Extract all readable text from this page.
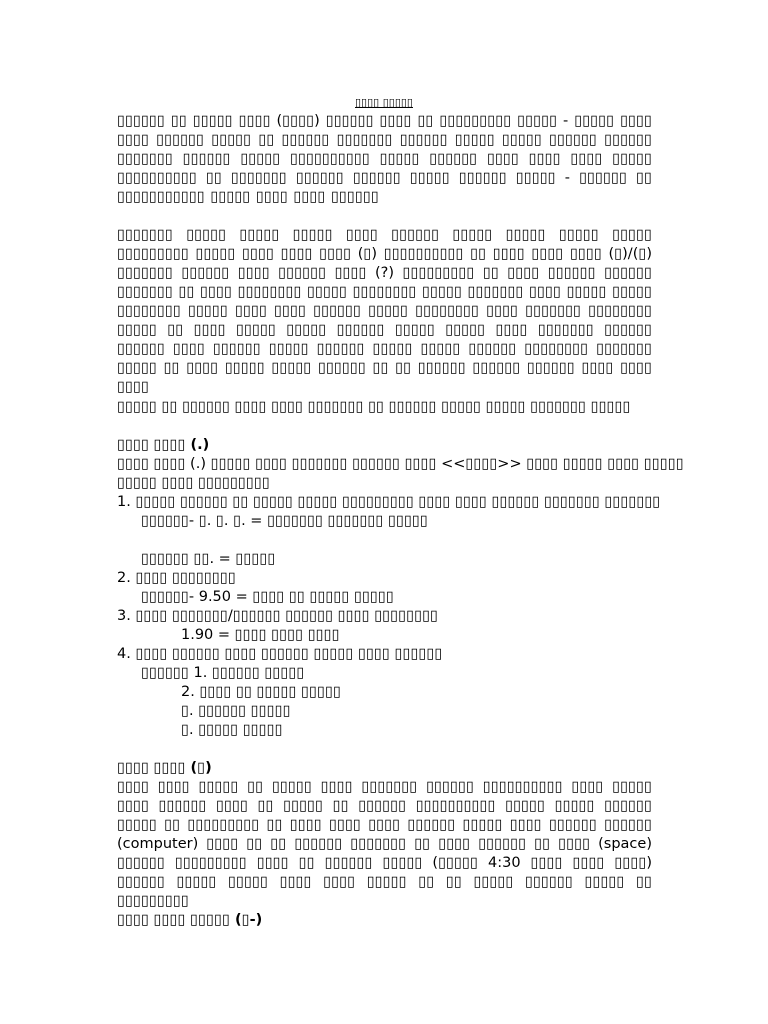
▯▯▯▯ ▯▯▯▯▯

▯▯▯▯▯▯ ▯▯ ▯▯▯▯▯ ▯▯▯▯ (▯▯▯▯) ▯▯▯▯▯▯ ▯▯▯▯ ▯▯ ▯▯▯▯▯▯▯▯▯ ▯▯▯▯▯ - ▯▯▯▯▯ ▯▯▯▯ ▯▯▯▯ ▯▯▯▯▯▯ ▯▯▯▯▯ ▯▯ ▯▯▯▯▯▯ ▯▯▯▯▯▯▯ ▯▯▯▯▯▯ ▯▯▯▯▯ ▯▯▯▯▯ ▯▯▯▯▯▯ ▯▯▯▯▯▯ ▯▯▯▯▯▯▯ ▯▯▯▯▯▯ ▯▯▯▯▯ ▯▯▯▯▯▯▯▯▯▯ ▯▯▯▯▯ ▯▯▯▯▯▯ ▯▯▯▯ ▯▯▯▯ ▯▯▯▯ ▯▯▯▯▯ ▯▯▯▯▯▯▯▯▯▯ ▯▯ ▯▯▯▯▯▯▯ ▯▯▯▯▯▯ ▯▯▯▯▯▯ ▯▯▯▯▯ ▯▯▯▯▯▯ ▯▯▯▯▯ - ▯▯▯▯▯▯ ▯▯ ▯▯▯▯▯▯▯▯▯▯▯ ▯▯▯▯▯ ▯▯▯▯ ▯▯▯▯ ▯▯▯▯▯▯

▯▯▯▯▯▯▯ ▯▯▯▯▯ ▯▯▯▯▯ ▯▯▯▯▯ ▯▯▯▯ ▯▯▯▯▯▯ ▯▯▯▯▯ ▯▯▯▯▯ ▯▯▯▯▯ ▯▯▯▯▯ ▯▯▯▯▯▯▯▯▯ ▯▯▯▯▯ ▯▯▯▯ ▯▯▯▯ ▯▯▯▯ (▯) ▯▯▯▯▯▯▯▯▯▯ ▯▯ ▯▯▯▯ ▯▯▯▯ ▯▯▯▯ (▯)/(▯) ▯▯▯▯▯▯▯ ▯▯▯▯▯▯ ▯▯▯▯ ▯▯▯▯▯▯ ▯▯▯▯ (?) ▯▯▯▯▯▯▯▯▯ ▯▯ ▯▯▯▯ ▯▯▯▯▯▯ ▯▯▯▯▯▯ ▯▯▯▯▯▯▯ ▯▯ ▯▯▯▯ ▯▯▯▯▯▯▯▯ ▯▯▯▯▯ ▯▯▯▯▯▯▯▯ ▯▯▯▯▯ ▯▯▯▯▯▯▯ ▯▯▯▯ ▯▯▯▯▯ ▯▯▯▯▯ ▯▯▯▯▯▯▯▯ ▯▯▯▯▯ ▯▯▯▯ ▯▯▯▯ ▯▯▯▯▯▯ ▯▯▯▯▯ ▯▯▯▯▯▯▯▯ ▯▯▯▯ ▯▯▯▯▯▯▯ ▯▯▯▯▯▯▯▯ ▯▯▯▯▯ ▯▯ ▯▯▯▯ ▯▯▯▯▯ ▯▯▯▯▯ ▯▯▯▯▯▯ ▯▯▯▯▯ ▯▯▯▯▯ ▯▯▯▯ ▯▯▯▯▯▯▯ ▯▯▯▯▯▯ ▯▯▯▯▯▯ ▯▯▯▯ ▯▯▯▯▯▯ ▯▯▯▯▯ ▯▯▯▯▯▯ ▯▯▯▯▯ ▯▯▯▯▯ ▯▯▯▯▯▯ ▯▯▯▯▯▯▯▯ ▯▯▯▯▯▯▯ ▯▯▯▯▯ ▯▯ ▯▯▯▯ ▯▯▯▯▯ ▯▯▯▯▯ ▯▯▯▯▯▯ ▯▯ ▯▯ ▯▯▯▯▯▯ ▯▯▯▯▯▯ ▯▯▯▯▯▯ ▯▯▯▯ ▯▯▯▯ ▯▯▯▯

▯▯▯▯▯ ▯▯ ▯▯▯▯▯▯ ▯▯▯▯ ▯▯▯▯ ▯▯▯▯▯▯▯ ▯▯ ▯▯▯▯▯▯ ▯▯▯▯▯ ▯▯▯▯▯ ▯▯▯▯▯▯▯ ▯▯▯▯▯

▯▯▯▯ ▯▯▯▯ (.)

▯▯▯▯ ▯▯▯▯ (.) ▯▯▯▯▯ ▯▯▯▯ ▯▯▯▯▯▯▯ ▯▯▯▯▯▯ ▯▯▯▯ <<▯▯▯▯>> ▯▯▯▯ ▯▯▯▯▯ ▯▯▯▯ ▯▯▯▯▯

▯▯▯▯▯ ▯▯▯▯ ▯▯▯▯▯▯▯▯▯

1. ▯▯▯▯▯ ▯▯▯▯▯▯ ▯▯ ▯▯▯▯▯ ▯▯▯▯▯ ▯▯▯▯▯▯▯▯▯ ▯▯▯▯ ▯▯▯▯ ▯▯▯▯▯▯ ▯▯▯▯▯▯▯ ▯▯▯▯▯▯▯

▯▯▯▯▯▯- ▯. ▯. ▯. = ▯▯▯▯▯▯▯ ▯▯▯▯▯▯▯ ▯▯▯▯▯

▯▯▯▯▯▯ ▯▯. = ▯▯▯▯▯

2. ▯▯▯▯ ▯▯▯▯▯▯▯▯

▯▯▯▯▯▯- 9.50 = ▯▯▯▯ ▯▯ ▯▯▯▯▯ ▯▯▯▯▯

3. ▯▯▯▯ ▯▯▯▯▯▯▯/▯▯▯▯▯▯ ▯▯▯▯▯▯ ▯▯▯▯ ▯▯▯▯▯▯▯▯

1.90 = ▯▯▯▯ ▯▯▯▯ ▯▯▯▯

4. ▯▯▯▯ ▯▯▯▯▯▯ ▯▯▯▯ ▯▯▯▯▯▯ ▯▯▯▯▯ ▯▯▯▯ ▯▯▯▯▯▯

▯▯▯▯▯▯ 1. ▯▯▯▯▯▯ ▯▯▯▯▯

2. ▯▯▯▯ ▯▯ ▯▯▯▯▯ ▯▯▯▯▯

▯. ▯▯▯▯▯▯ ▯▯▯▯▯

▯. ▯▯▯▯▯ ▯▯▯▯▯

▯▯▯▯ ▯▯▯▯ (▯)

▯▯▯▯ ▯▯▯▯ ▯▯▯▯▯ ▯▯ ▯▯▯▯▯ ▯▯▯▯ ▯▯▯▯▯▯▯ ▯▯▯▯▯▯ ▯▯▯▯▯▯▯▯▯▯ ▯▯▯▯ ▯▯▯▯▯ ▯▯▯▯ ▯▯▯▯▯▯ ▯▯▯▯ ▯▯ ▯▯▯▯▯ ▯▯ ▯▯▯▯▯▯ ▯▯▯▯▯▯▯▯▯▯ ▯▯▯▯▯ ▯▯▯▯▯ ▯▯▯▯▯▯ ▯▯▯▯▯ ▯▯ ▯▯▯▯▯▯▯▯▯ ▯▯ ▯▯▯▯ ▯▯▯▯ ▯▯▯▯ ▯▯▯▯▯▯ ▯▯▯▯▯ ▯▯▯▯ ▯▯▯▯▯▯ ▯▯▯▯▯▯ (computer) ▯▯▯▯ ▯▯ ▯▯ ▯▯▯▯▯▯ ▯▯▯▯▯▯▯ ▯▯ ▯▯▯▯ ▯▯▯▯▯▯ ▯▯ ▯▯▯▯ (space) ▯▯▯▯▯▯ ▯▯▯▯▯▯▯▯▯ ▯▯▯▯ ▯▯ ▯▯▯▯▯▯ ▯▯▯▯▯ (▯▯▯▯▯ 4:30 ▯▯▯▯ ▯▯▯▯ ▯▯▯▯) ▯▯▯▯▯▯ ▯▯▯▯▯ ▯▯▯▯▯ ▯▯▯▯ ▯▯▯▯ ▯▯▯▯▯ ▯▯ ▯▯ ▯▯▯▯▯ ▯▯▯▯▯▯ ▯▯▯▯▯ ▯▯ ▯▯▯▯▯▯▯▯▯

▯▯▯▯ ▯▯▯▯ ▯▯▯▯▯ (▯-)
